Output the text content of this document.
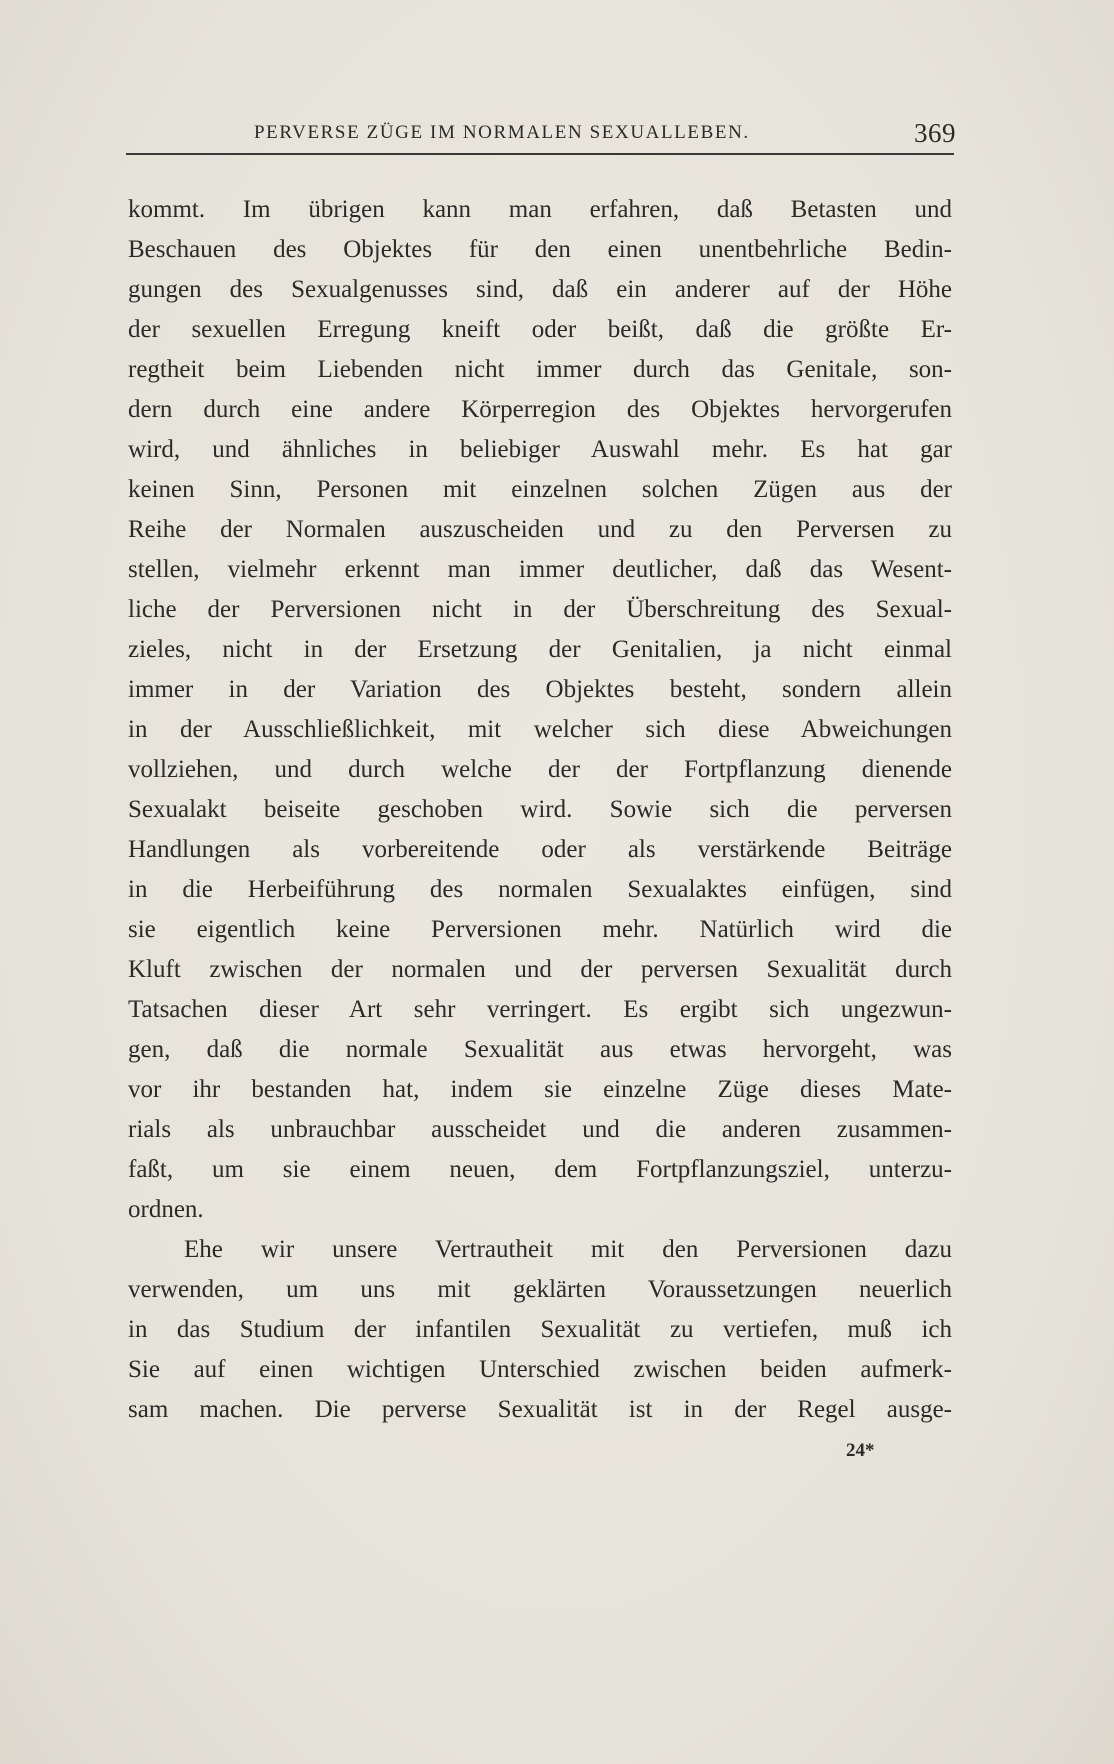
PERVERSE ZÜGE IM NORMALEN SEXUALLEBEN.	369
kommt. Im übrigen kann man erfahren, daß Betasten und
Beschauen des Objektes für den einen unentbehrliche Bedin-
gungen des Sexualgenusses sind, daß ein anderer auf der Höhe
der sexuellen Erregung kneift oder beißt, daß die größte Er-
regtheit beim Liebenden nicht immer durch das Genitale, son-
dern durch eine andere Körperregion des Objektes hervorgerufen
wird, und ähnliches in beliebiger Auswahl mehr. Es hat gar
keinen Sinn, Personen mit einzelnen solchen Zügen aus der
Reihe der Normalen auszuscheiden und zu den Perversen zu
stellen, vielmehr erkennt man immer deutlicher, daß das Wesent-
liche der Perversionen nicht in der Überschreitung des Sexual-
zieles, nicht in der Ersetzung der Genitalien, ja nicht einmal
immer in der Variation des Objektes besteht, sondern allein
in der Ausschließlichkeit, mit welcher sich diese Abweichungen
vollziehen, und durch welche der der Fortpflanzung dienende
Sexualakt beiseite geschoben wird. Sowie sich die perversen
Handlungen als vorbereitende oder als verstärkende Beiträge
in die Herbeiführung des normalen Sexualaktes einfügen, sind
sie eigentlich keine Perversionen mehr. Natürlich wird die
Kluft zwischen der normalen und der perversen Sexualität durch
Tatsachen dieser Art sehr verringert. Es ergibt sich ungezwun-
gen, daß die normale Sexualität aus etwas hervorgeht, was
vor ihr bestanden hat, indem sie einzelne Züge dieses Mate-
rials als unbrauchbar ausscheidet und die anderen zusammen-
faßt, um sie einem neuen, dem Fortpflanzungsziel, unterzu-
ordnen.
Ehe wir unsere Vertrautheit mit den Perversionen dazu
verwenden, um uns mit geklärten Voraussetzungen neuerlich
in das Studium der infantilen Sexualität zu vertiefen, muß ich
Sie auf einen wichtigen Unterschied zwischen beiden aufmerk-
sam machen. Die perverse Sexualität ist in der Regel ausge-
24*
